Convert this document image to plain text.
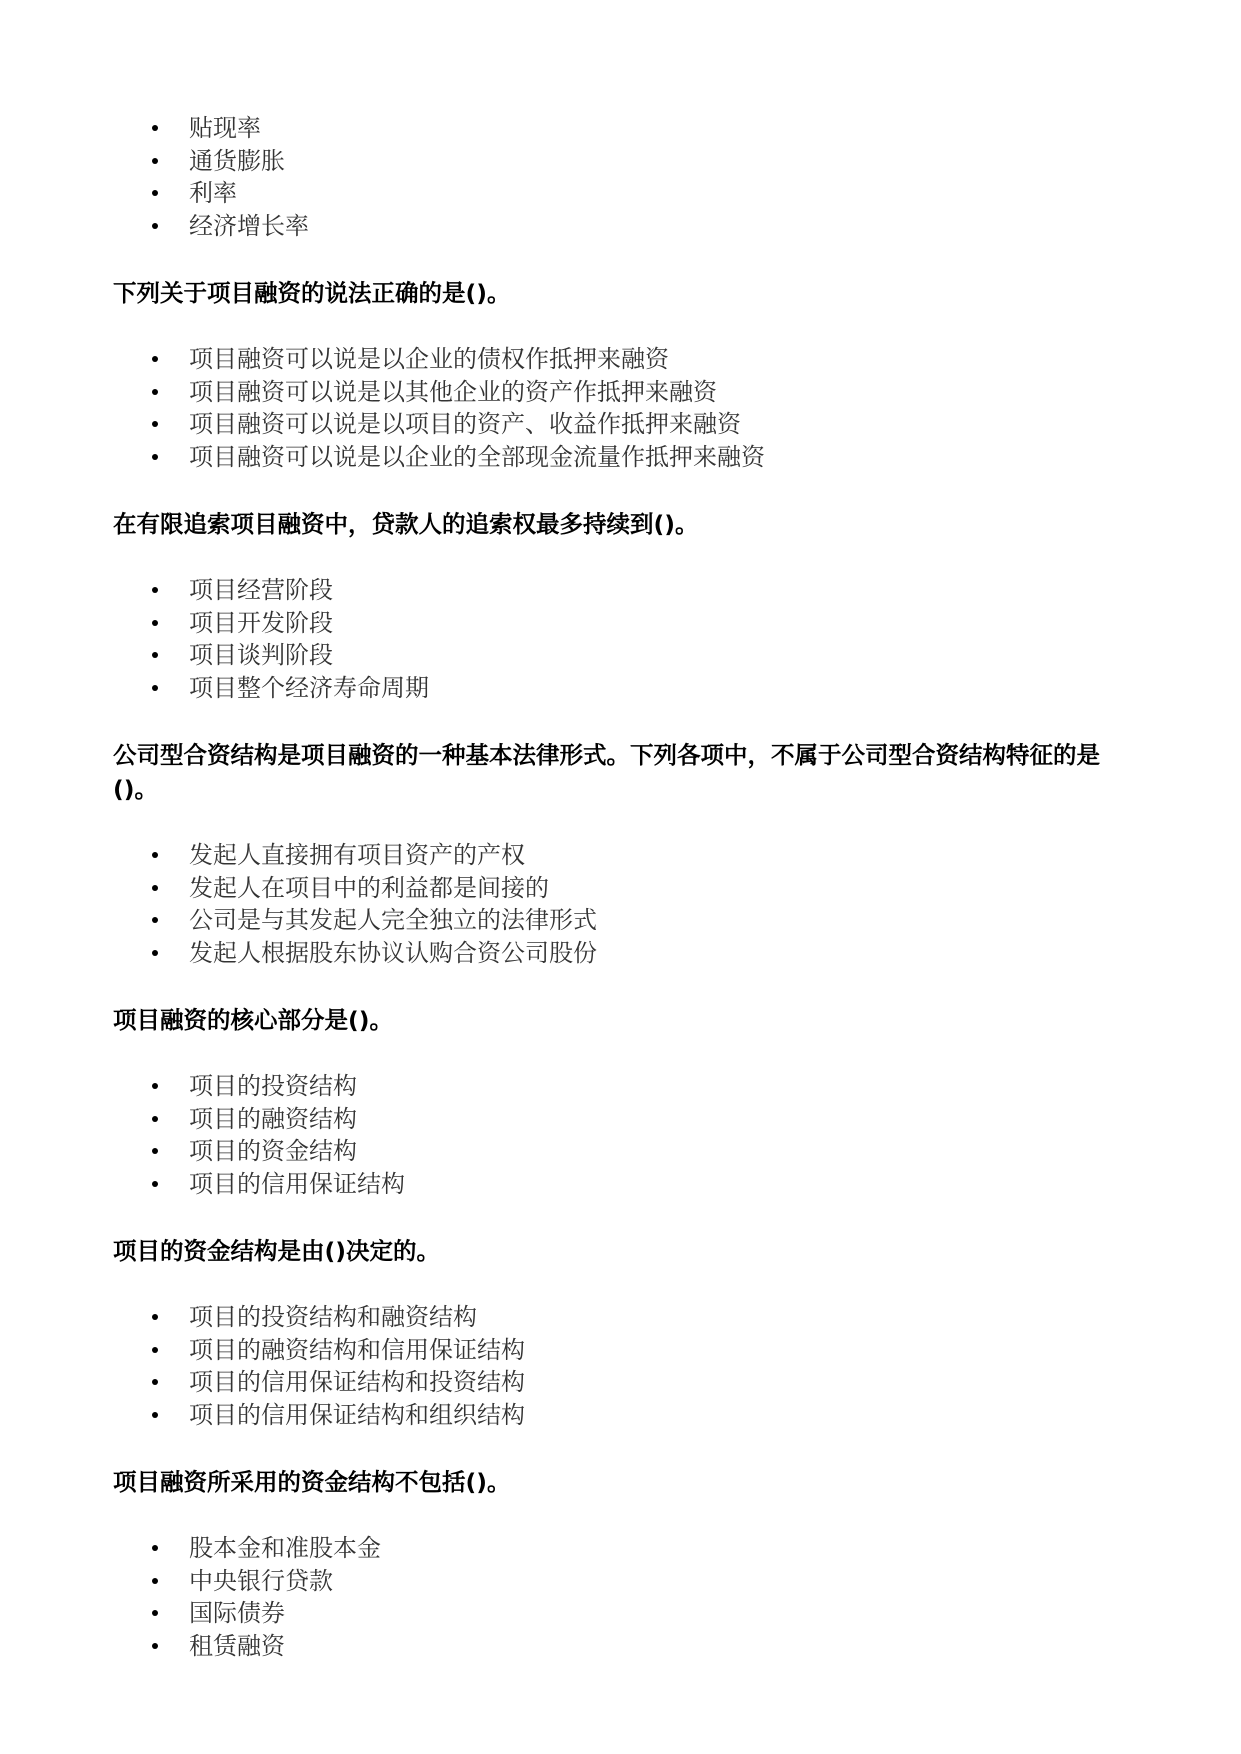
贴现率
通货膨胀
利率
经济增长率
下列关于项目融资的说法正确的是()。
项目融资可以说是以企业的债权作抵押来融资
项目融资可以说是以其他企业的资产作抵押来融资
项目融资可以说是以项目的资产、收益作抵押来融资
项目融资可以说是以企业的全部现金流量作抵押来融资
在有限追索项目融资中，贷款人的追索权最多持续到()。
项目经营阶段
项目开发阶段
项目谈判阶段
项目整个经济寿命周期
公司型合资结构是项目融资的一种基本法律形式。下列各项中，不属于公司型合资结构特征的是()。
发起人直接拥有项目资产的产权
发起人在项目中的利益都是间接的
公司是与其发起人完全独立的法律形式
发起人根据股东协议认购合资公司股份
项目融资的核心部分是()。
项目的投资结构
项目的融资结构
项目的资金结构
项目的信用保证结构
项目的资金结构是由()决定的。
项目的投资结构和融资结构
项目的融资结构和信用保证结构
项目的信用保证结构和投资结构
项目的信用保证结构和组织结构
项目融资所采用的资金结构不包括()。
股本金和准股本金
中央银行贷款
国际债券
租赁融资
